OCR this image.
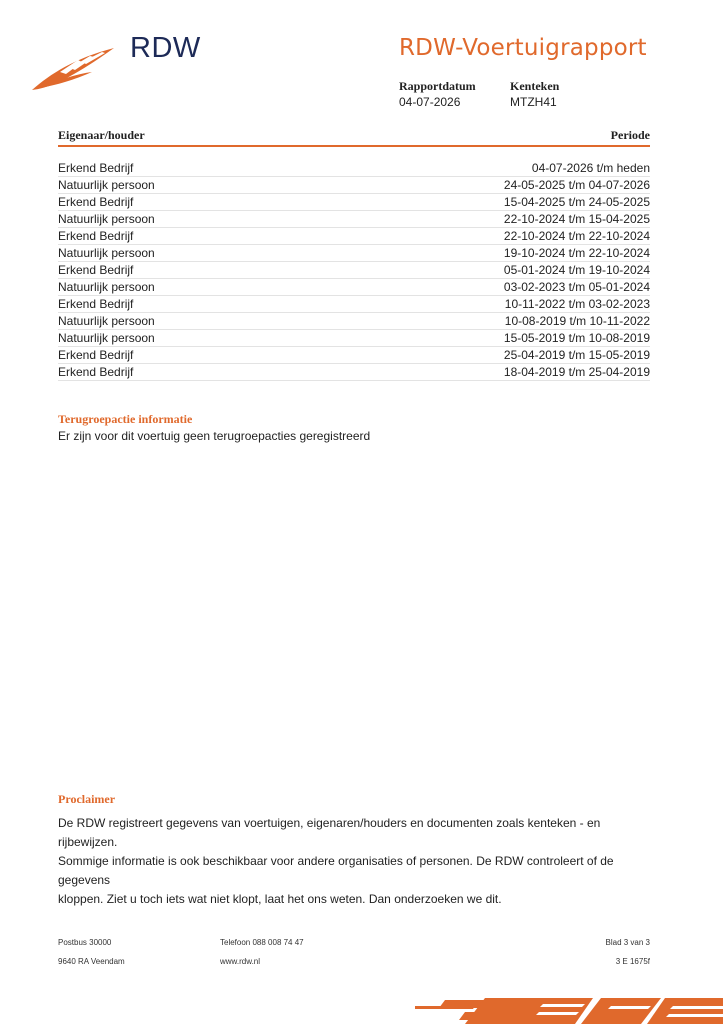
RDW	RDW-Voertuigrapport
Rapportdatum
04-07-2026
Kenteken
MTZH41
Eigenaar/houder	Periode
Erkend Bedrijf	04-07-2026 t/m heden
Natuurlijk persoon	24-05-2025 t/m 04-07-2026
Erkend Bedrijf	15-04-2025 t/m 24-05-2025
Natuurlijk persoon	22-10-2024 t/m 15-04-2025
Erkend Bedrijf	22-10-2024 t/m 22-10-2024
Natuurlijk persoon	19-10-2024 t/m 22-10-2024
Erkend Bedrijf	05-01-2024 t/m 19-10-2024
Natuurlijk persoon	03-02-2023 t/m 05-01-2024
Erkend Bedrijf	10-11-2022 t/m 03-02-2023
Natuurlijk persoon	10-08-2019 t/m 10-11-2022
Natuurlijk persoon	15-05-2019 t/m 10-08-2019
Erkend Bedrijf	25-04-2019 t/m 15-05-2019
Erkend Bedrijf	18-04-2019 t/m 25-04-2019
Terugroepactie informatie
Er zijn voor dit voertuig geen terugroepacties geregistreerd
Proclaimer
De RDW registreert gegevens van voertuigen, eigenaren/houders en documenten zoals kenteken - en rijbewijzen.
Sommige informatie is ook beschikbaar voor andere organisaties of personen. De RDW controleert of de gegevens
kloppen. Ziet u toch iets wat niet klopt, laat het ons weten. Dan onderzoeken we dit.
Postbus 30000
9640 RA Veendam
Telefoon 088 008 74 47
www.rdw.nl
Blad 3 van 3
3 E 1675f
